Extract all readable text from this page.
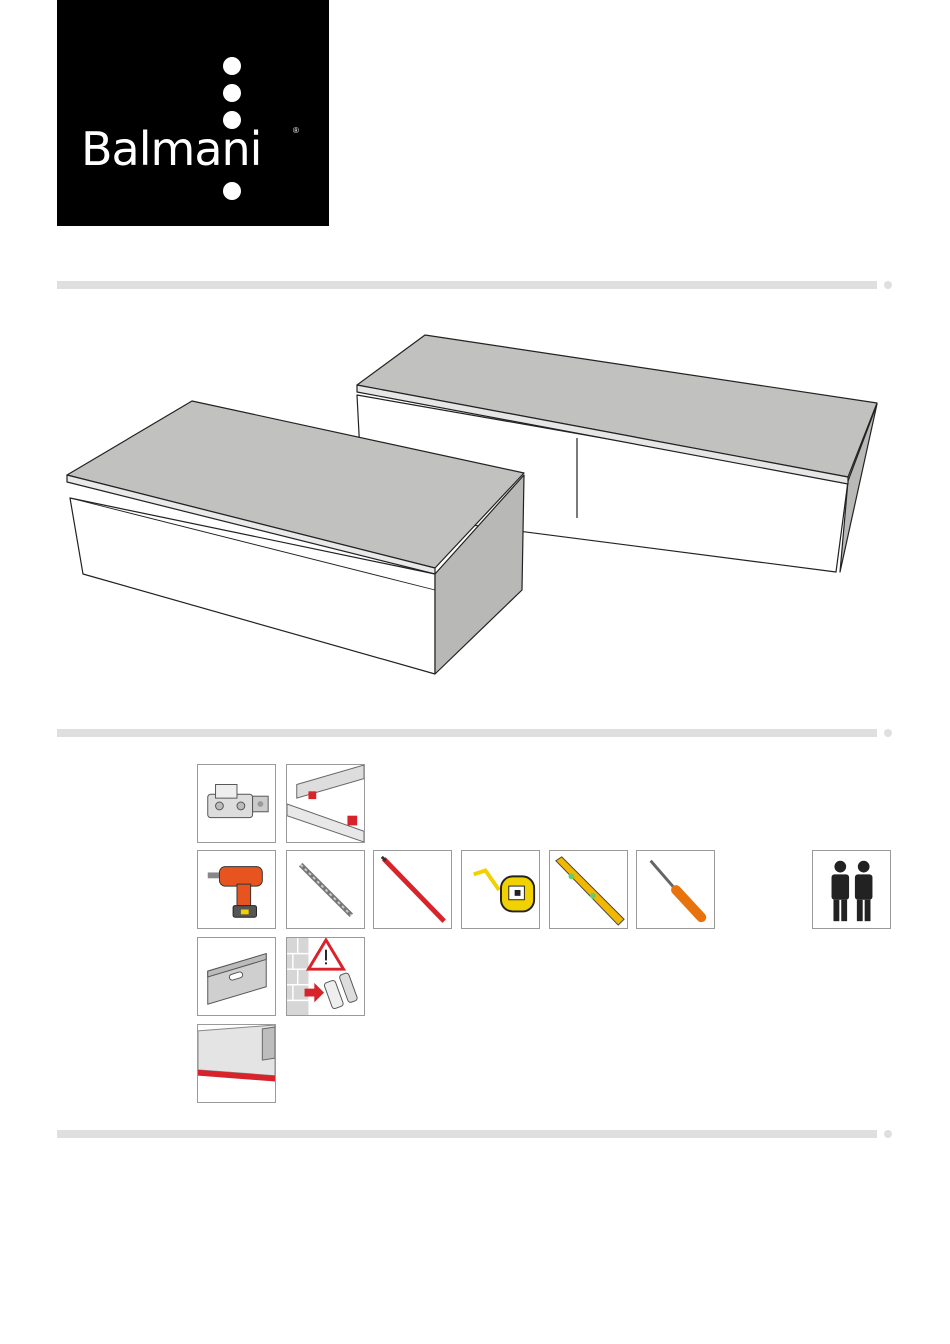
Balmani	®
